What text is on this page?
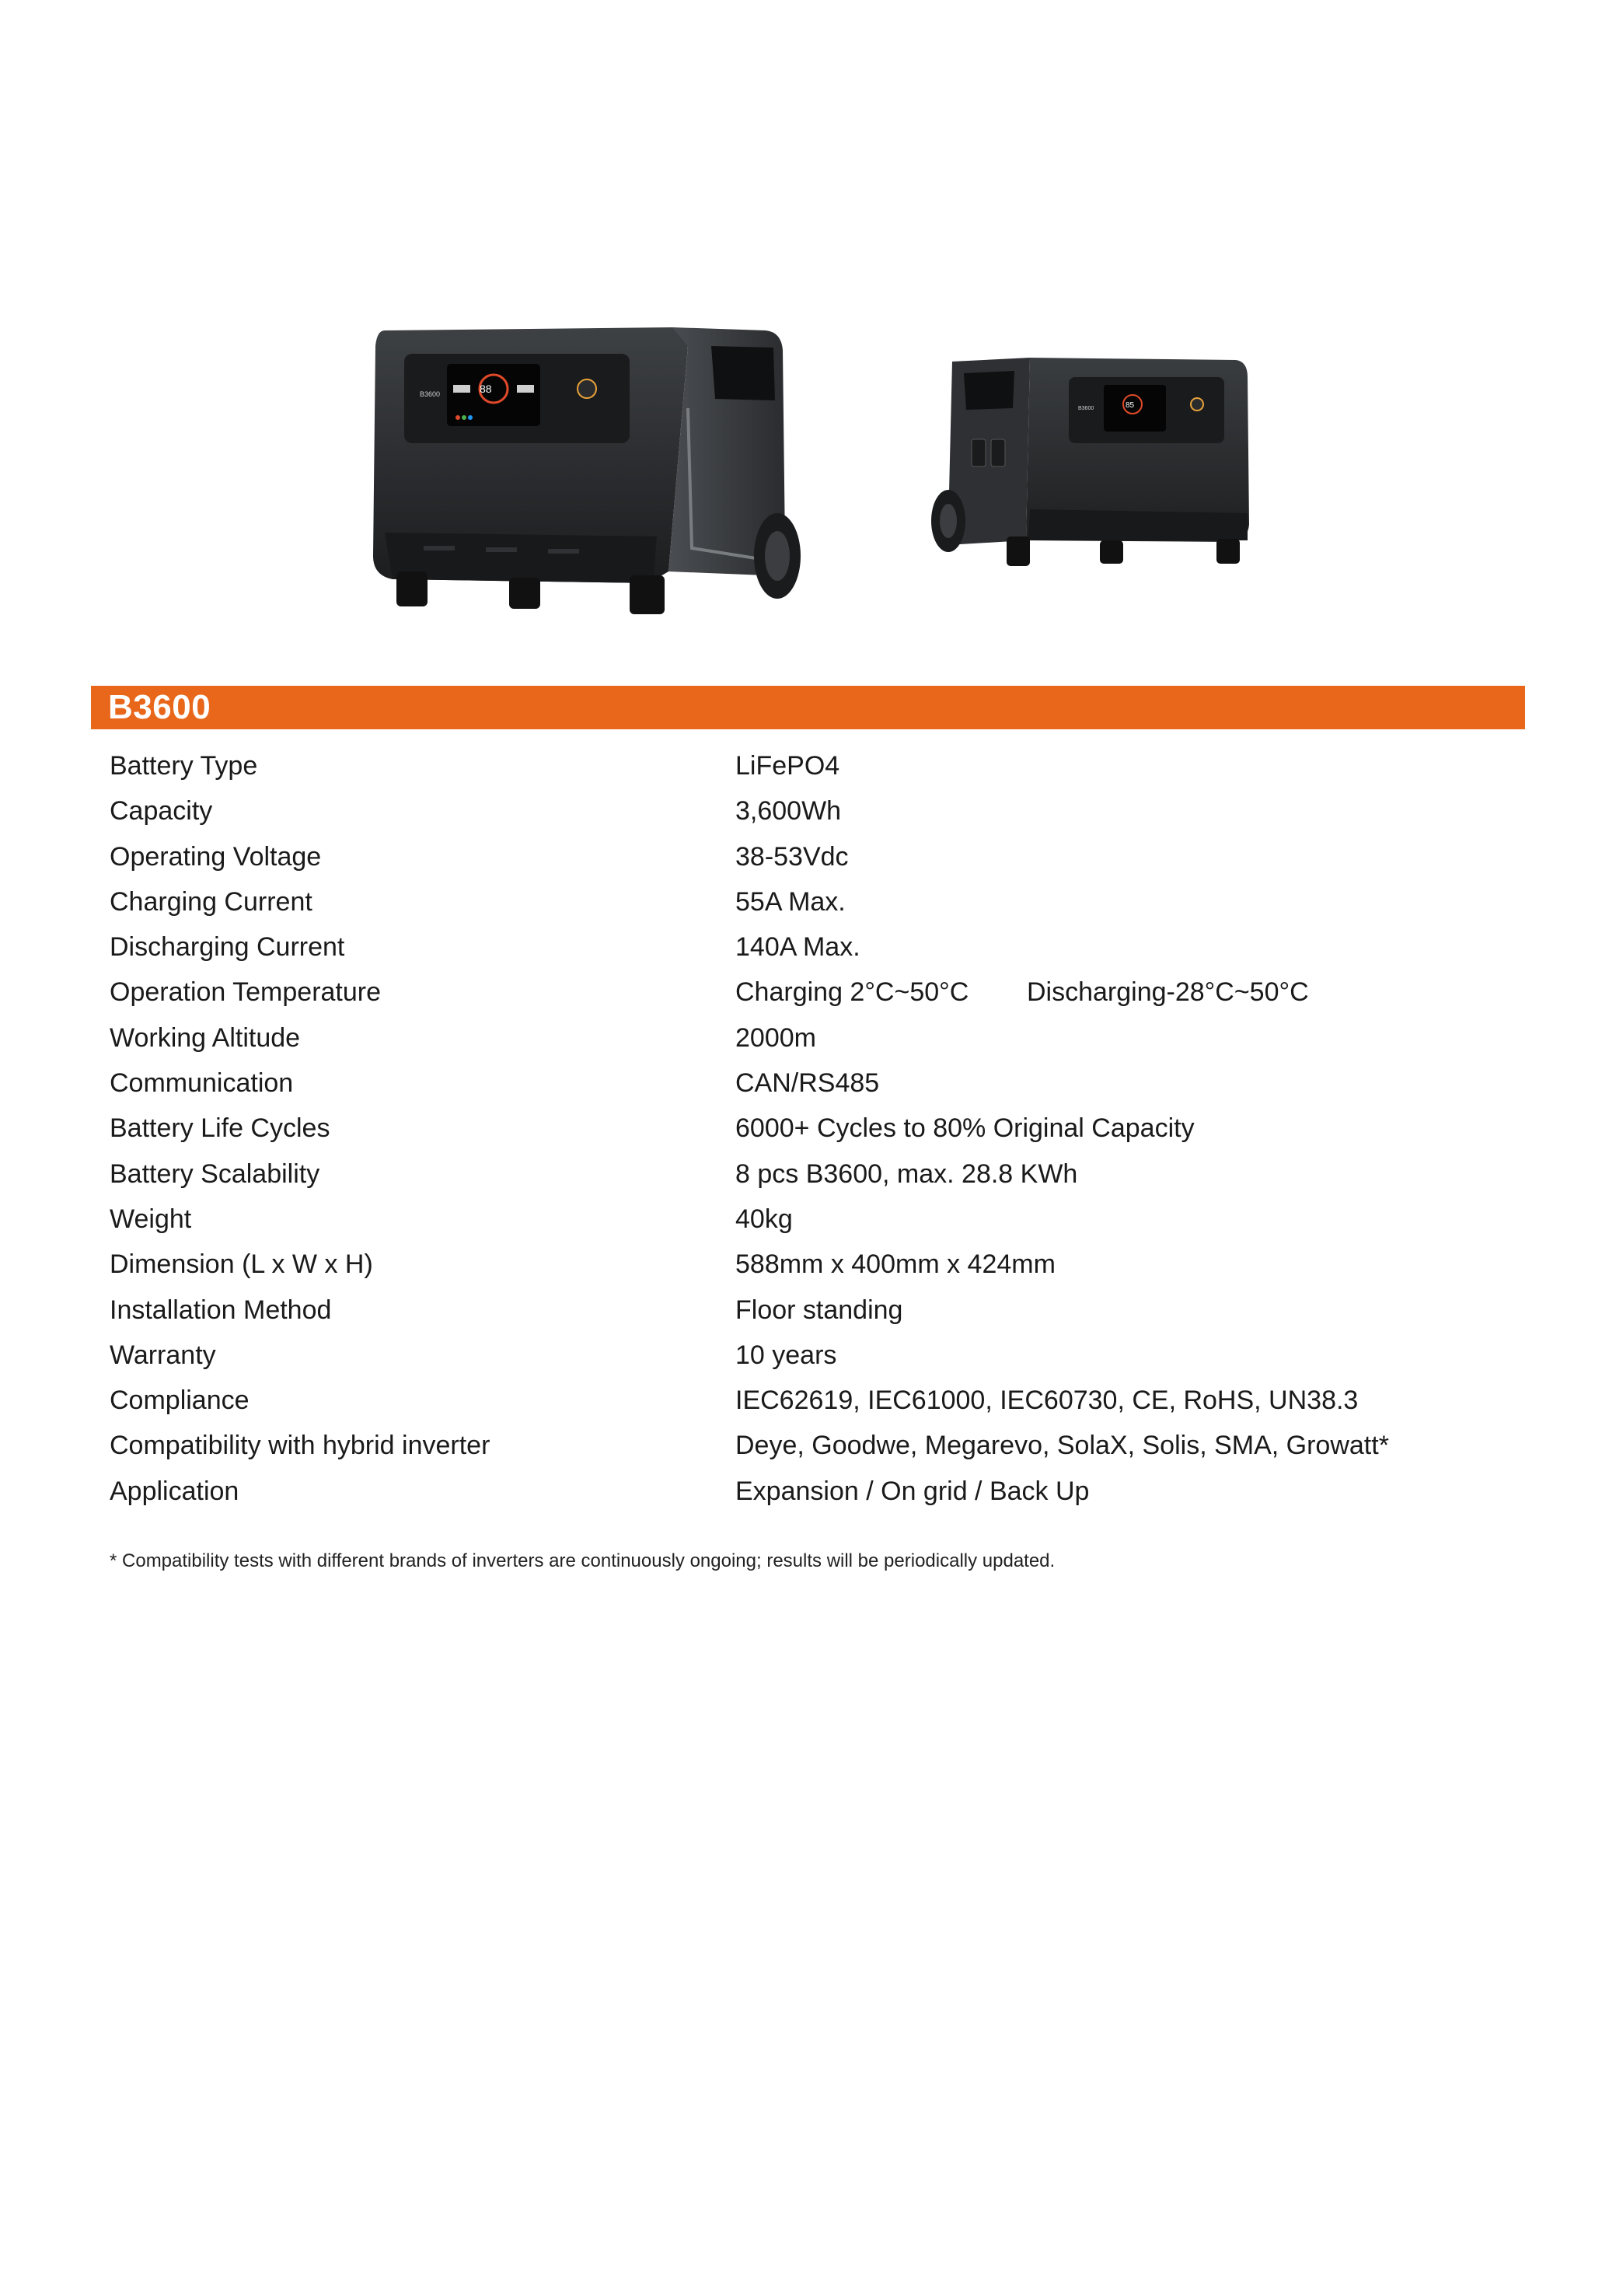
88
B3600
85
B3600
B3600
Battery Type	LiFePO4
Capacity	3,600Wh
Operating Voltage	38-53Vdc
Charging Current	55A Max.
Discharging Current	140A Max.
Operation Temperature	Charging 2°C~50°C Discharging-28°C~50°C
Working Altitude	2000m
Communication	CAN/RS485
Battery Life Cycles	6000+ Cycles to 80% Original Capacity
Battery Scalability	8 pcs B3600, max. 28.8 KWh
Weight	40kg
Dimension (L x W x H)	588mm x 400mm x 424mm
Installation Method	Floor standing
Warranty	10 years
Compliance	IEC62619, IEC61000, IEC60730, CE, RoHS, UN38.3
Compatibility with hybrid inverter	Deye, Goodwe, Megarevo, SolaX, Solis, SMA, Growatt*
Application	Expansion / On grid / Back Up
* Compatibility tests with different brands of inverters are continuously ongoing; results will be periodically updated.
